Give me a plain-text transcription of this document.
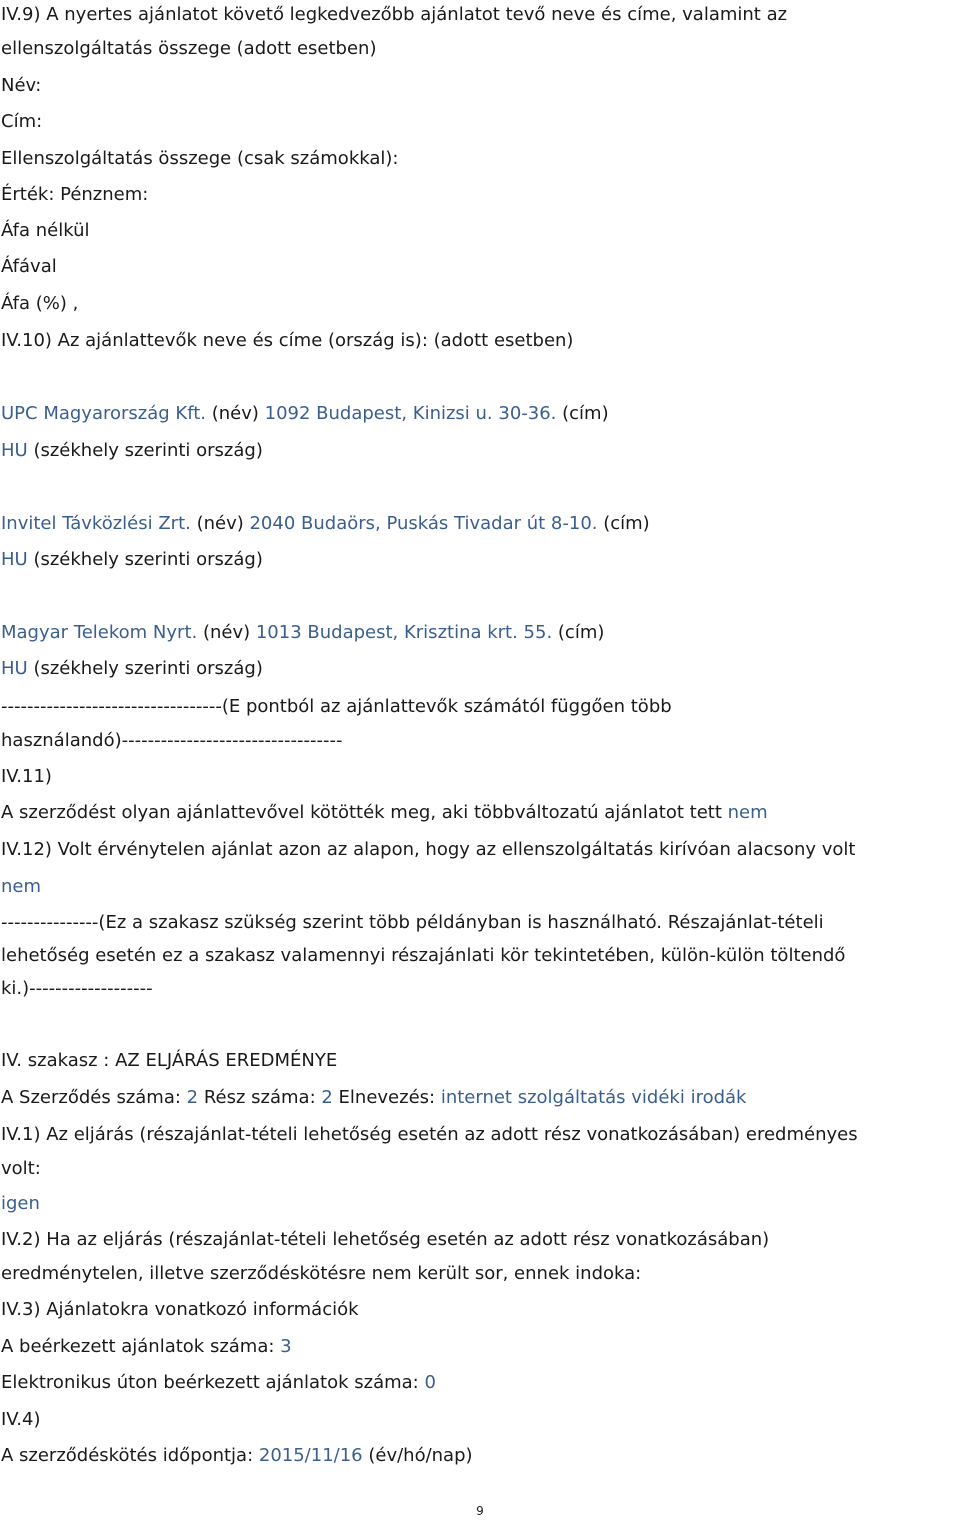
IV.9) A nyertes ajánlatot követő legkedvezőbb ajánlatot tevő neve és címe, valamint az
ellenszolgáltatás összege (adott esetben)
Név:
Cím:
Ellenszolgáltatás összege (csak számokkal):
Érték: Pénznem:
Áfa nélkül
Áfával
Áfa (%) ,
IV.10) Az ajánlattevők neve és címe (ország is): (adott esetben)
UPC Magyarország Kft. (név) 1092 Budapest, Kinizsi u. 30-36. (cím)
HU (székhely szerinti ország)
Invitel Távközlési Zrt. (név) 2040 Budaörs, Puskás Tivadar út 8-10. (cím)
HU (székhely szerinti ország)
Magyar Telekom Nyrt. (név) 1013 Budapest, Krisztina krt. 55. (cím)
HU (székhely szerinti ország)
----------------------------------(E pontból az ajánlattevők számától függően több
használandó)----------------------------------
IV.11)
A szerződést olyan ajánlattevővel kötötték meg, aki többváltozatú ajánlatot tett nem
IV.12) Volt érvénytelen ajánlat azon az alapon, hogy az ellenszolgáltatás kirívóan alacsony volt
nem
---------------(Ez a szakasz szükség szerint több példányban is használható. Részajánlat-tételi
lehetőség esetén ez a szakasz valamennyi részajánlati kör tekintetében, külön-külön töltendő
ki.)-------------------
IV. szakasz : AZ ELJÁRÁS EREDMÉNYE
A Szerződés száma: 2 Rész száma: 2 Elnevezés: internet szolgáltatás vidéki irodák
IV.1) Az eljárás (részajánlat-tételi lehetőség esetén az adott rész vonatkozásában) eredményes
volt:
igen
IV.2) Ha az eljárás (részajánlat-tételi lehetőség esetén az adott rész vonatkozásában)
eredménytelen, illetve szerződéskötésre nem került sor, ennek indoka:
IV.3) Ajánlatokra vonatkozó információk
A beérkezett ajánlatok száma: 3
Elektronikus úton beérkezett ajánlatok száma: 0
IV.4)
A szerződéskötés időpontja: 2015/11/16 (év/hó/nap)
9
